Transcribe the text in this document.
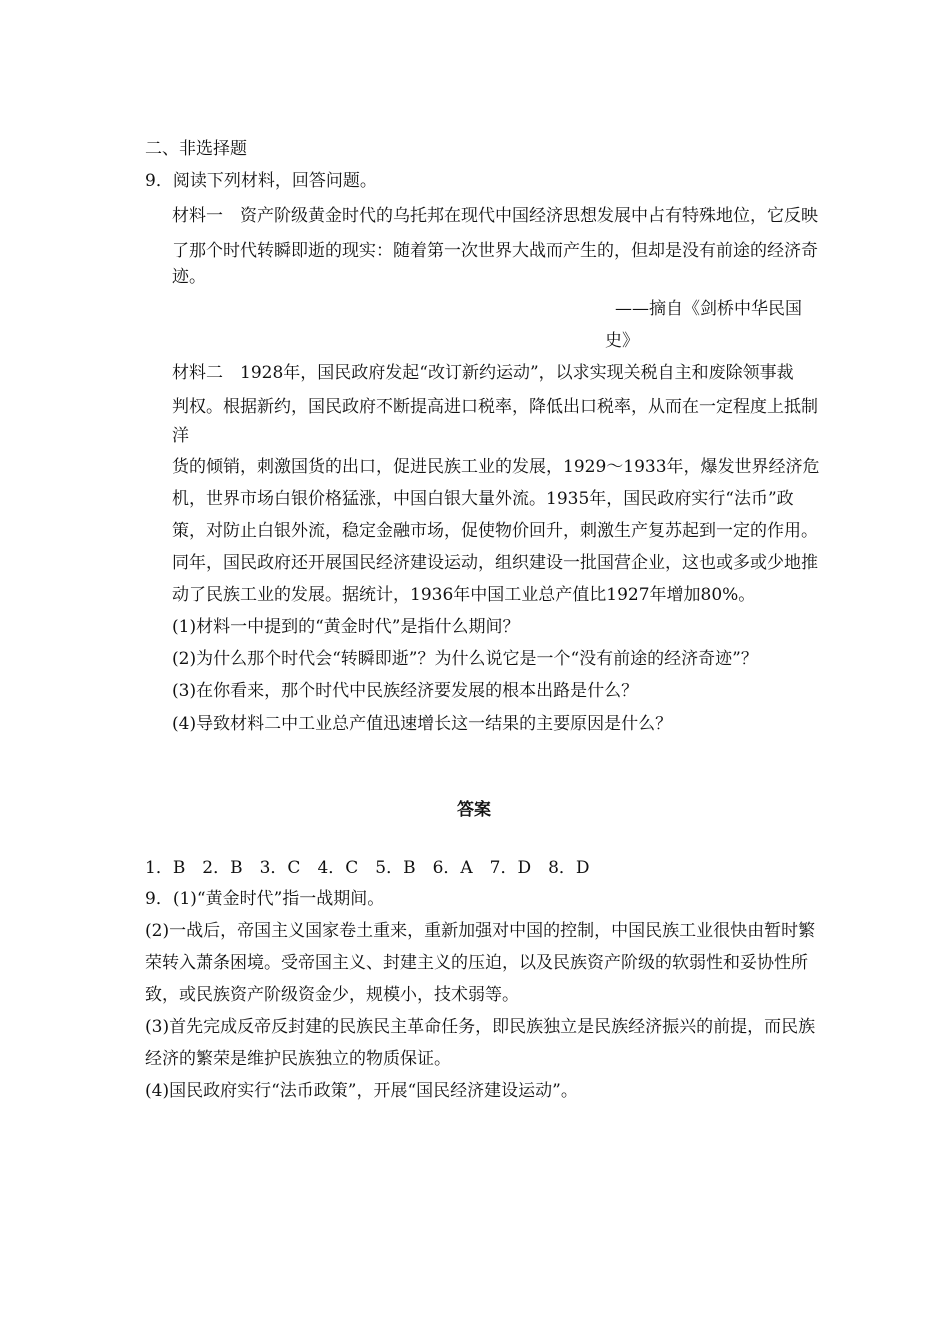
二、非选择题
9．阅读下列材料，回答问题。
材料一　资产阶级黄金时代的乌托邦在现代中国经济思想发展中占有特殊地位，它反映
了那个时代转瞬即逝的现实：随着第一次世界大战而产生的，但却是没有前途的经济奇
迹。
——摘自《剑桥中华民国
史》
材料二　1928年，国民政府发起“改订新约运动”，以求实现关税自主和废除领事裁
判权。根据新约，国民政府不断提高进口税率，降低出口税率，从而在一定程度上抵制
洋
货的倾销，刺激国货的出口，促进民族工业的发展，1929～1933年，爆发世界经济危
机，世界市场白银价格猛涨，中国白银大量外流。1935年，国民政府实行“法币”政
策，对防止白银外流，稳定金融市场，促使物价回升，刺激生产复苏起到一定的作用。
同年，国民政府还开展国民经济建设运动，组织建设一批国营企业，这也或多或少地推
动了民族工业的发展。据统计，1936年中国工业总产值比1927年增加80%。
(1)材料一中提到的“黄金时代”是指什么期间？
(2)为什么那个时代会“转瞬即逝”？为什么说它是一个“没有前途的经济奇迹”？
(3)在你看来，那个时代中民族经济要发展的根本出路是什么？
(4)导致材料二中工业总产值迅速增长这一结果的主要原因是什么？
答案
1．B　2．B　3．C　4．C　5．B　6．A　7．D　8．D
9．(1)“黄金时代”指一战期间。
(2)一战后，帝国主义国家卷土重来，重新加强对中国的控制，中国民族工业很快由暂时繁
荣转入萧条困境。受帝国主义、封建主义的压迫，以及民族资产阶级的软弱性和妥协性所
致，或民族资产阶级资金少，规模小，技术弱等。
(3)首先完成反帝反封建的民族民主革命任务，即民族独立是民族经济振兴的前提，而民族
经济的繁荣是维护民族独立的物质保证。
(4)国民政府实行“法币政策”，开展“国民经济建设运动”。
